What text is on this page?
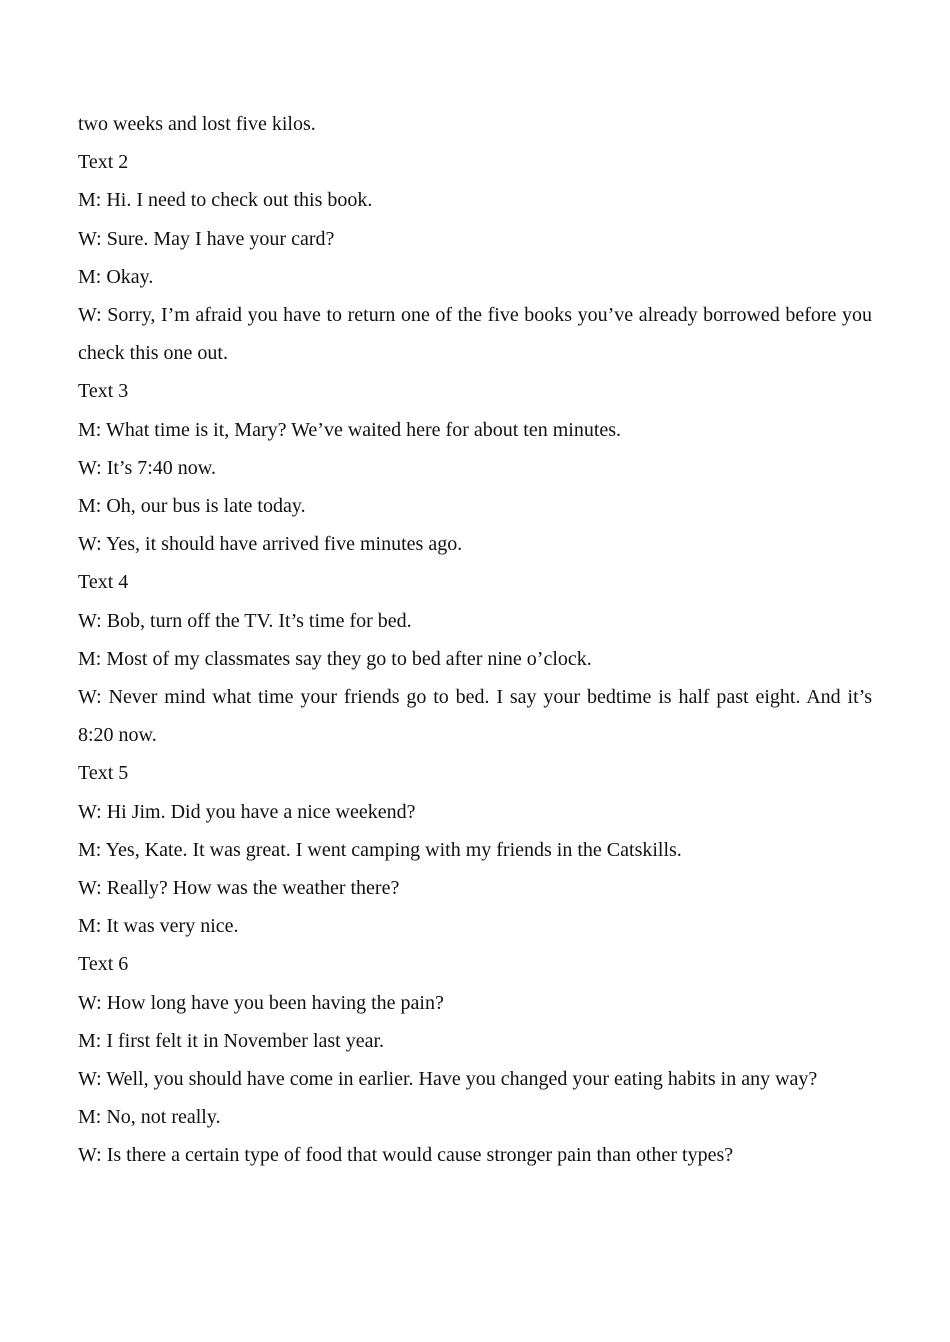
two weeks and lost five kilos.

Text 2

M: Hi. I need to check out this book.

W: Sure. May I have your card?

M: Okay.

W: Sorry, I’m afraid you have to return one of the five books you’ve already borrowed before you check this one out.

Text 3

M: What time is it, Mary? We’ve waited here for about ten minutes.

W: It’s 7:40 now.

M: Oh, our bus is late today.

W: Yes, it should have arrived five minutes ago.

Text 4

W: Bob, turn off the TV. It’s time for bed.

M: Most of my classmates say they go to bed after nine o’clock.

W: Never mind what time your friends go to bed. I say your bedtime is half past eight. And it’s 8:20 now.

Text 5

W: Hi Jim. Did you have a nice weekend?

M: Yes, Kate. It was great. I went camping with my friends in the Catskills.

W: Really? How was the weather there?

M: It was very nice.

Text 6

W: How long have you been having the pain?

M: I first felt it in November last year.

W: Well, you should have come in earlier. Have you changed your eating habits in any way?

M: No, not really.

W: Is there a certain type of food that would cause stronger pain than other types?
